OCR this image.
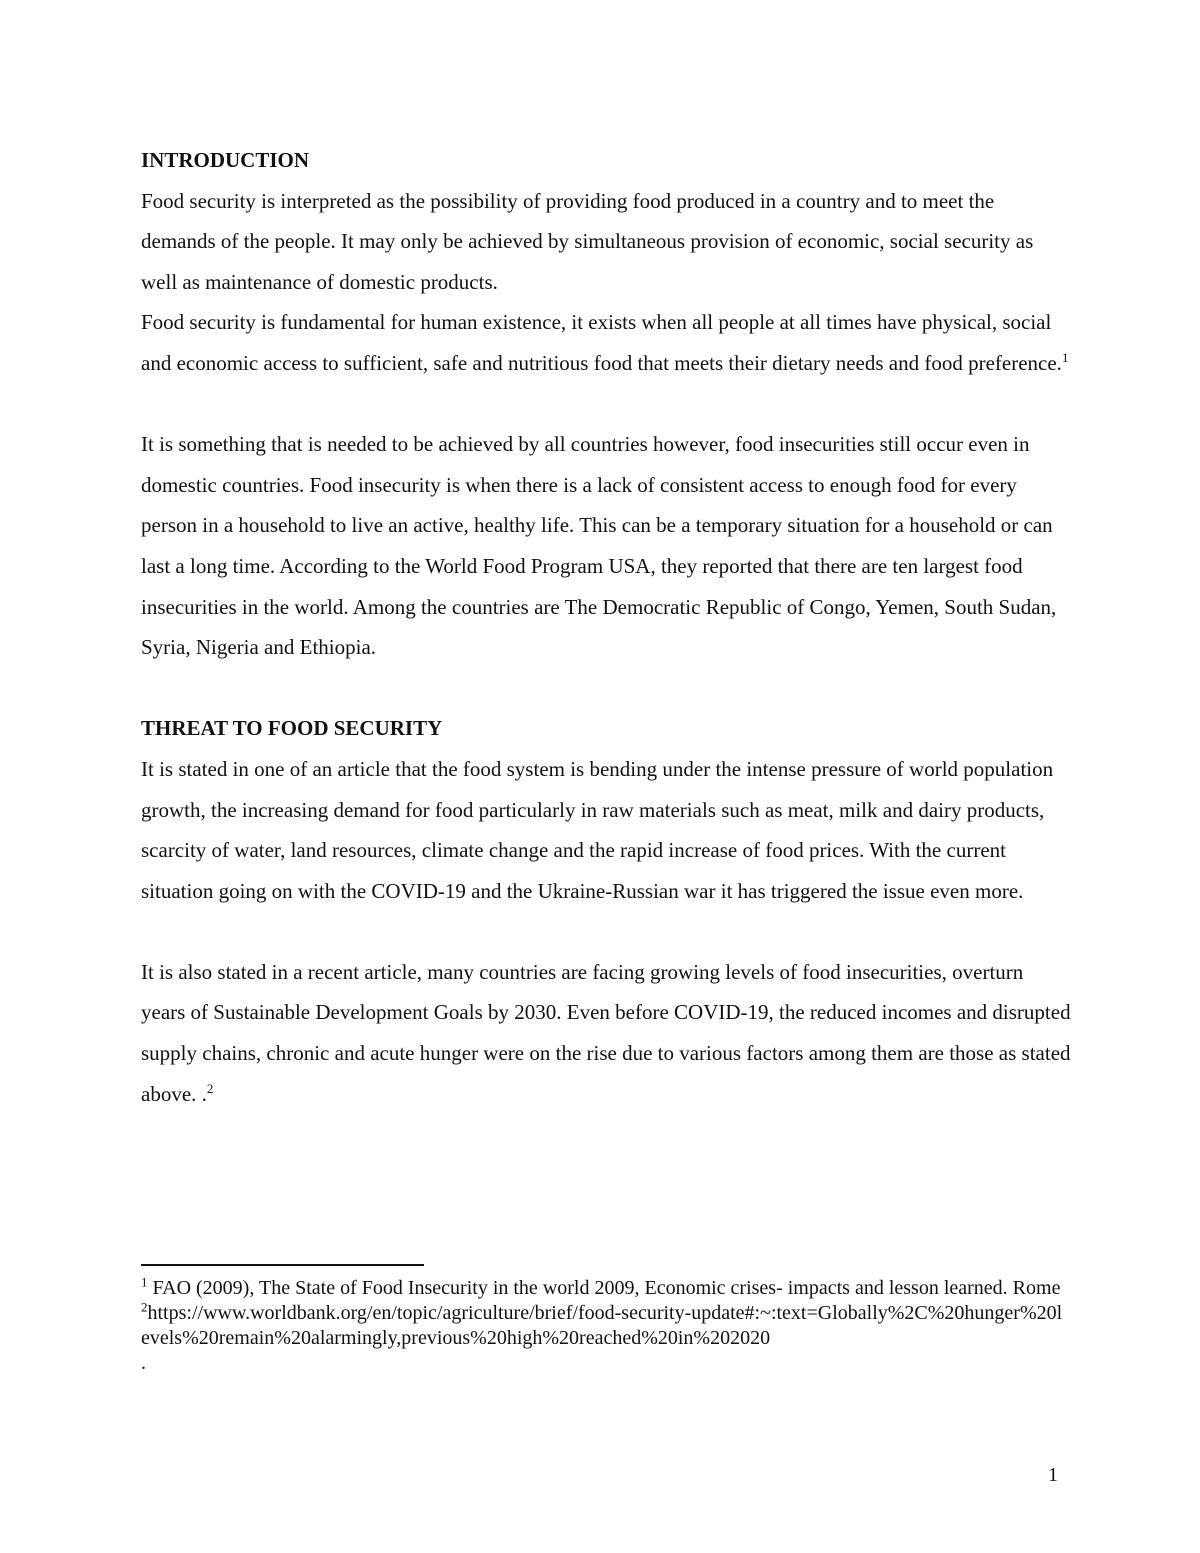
INTRODUCTION

Food security is interpreted as the possibility of providing food produced in a country and to meet the demands of the people. It may only be achieved by simultaneous provision of economic, social security as well as maintenance of domestic products.

Food security is fundamental for human existence, it exists when all people at all times have physical, social and economic access to sufficient, safe and nutritious food that meets their dietary needs and food preference.$^1$

It is something that is needed to be achieved by all countries however, food insecurities still occur even in domestic countries. Food insecurity is when there is a lack of consistent access to enough food for every person in a household to live an active, healthy life. This can be a temporary situation for a household or can last a long time. According to the World Food Program USA, they reported that there are ten largest food insecurities in the world. Among the countries are The Democratic Republic of Congo, Yemen, South Sudan, Syria, Nigeria and Ethiopia.

THREAT TO FOOD SECURITY

It is stated in one of an article that the food system is bending under the intense pressure of world population growth, the increasing demand for food particularly in raw materials such as meat, milk and dairy products, scarcity of water, land resources, climate change and the rapid increase of food prices. With the current situation going on with the COVID-19 and the Ukraine-Russian war it has triggered the issue even more.

It is also stated in a recent article, many countries are facing growing levels of food insecurities, overturn years of Sustainable Development Goals by 2030. Even before COVID-19, the reduced incomes and disrupted supply chains, chronic and acute hunger were on the rise due to various factors among them are those as stated above. .$^2$

$^1$ FAO (2009), The State of Food Insecurity in the world 2009, Economic crises- impacts and lesson learned. Rome

$^2$https://www.worldbank.org/en/topic/agriculture/brief/food-security-update#:~:text=Globally%2C%20hunger%20levels%20remain%20alarmingly,previous%20high%20reached%20in%202020

.

1
